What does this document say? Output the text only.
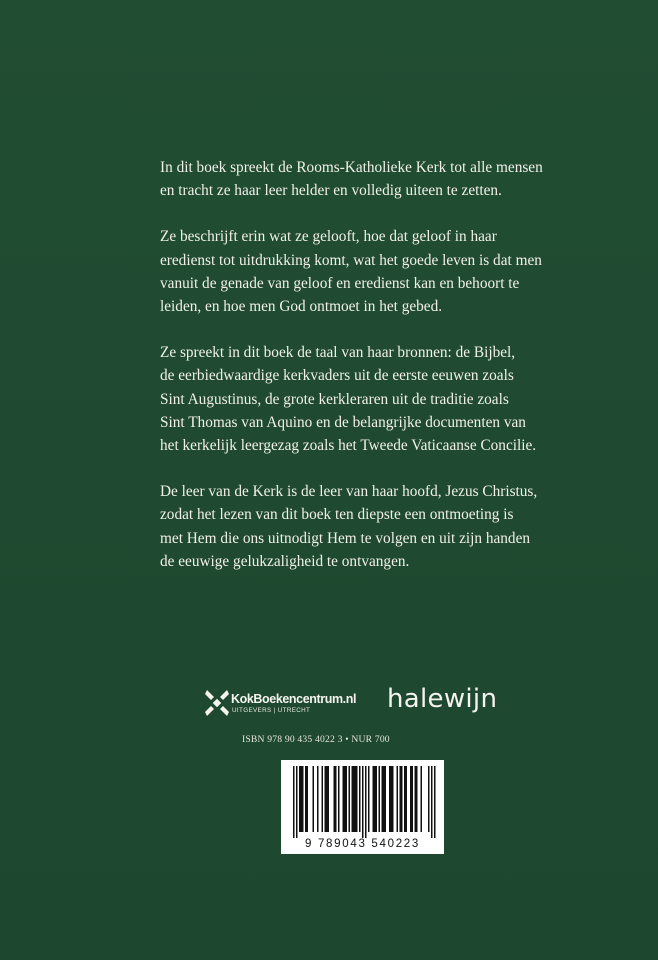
In dit boek spreekt de Rooms-Katholieke Kerk tot alle mensen
en tracht ze haar leer helder en volledig uiteen te zetten.

Ze beschrijft erin wat ze gelooft, hoe dat geloof in haar
eredienst tot uitdrukking komt, wat het goede leven is dat men
vanuit de genade van geloof en eredienst kan en behoort te
leiden, en hoe men God ontmoet in het gebed.

Ze spreekt in dit boek de taal van haar bronnen: de Bijbel,
de eerbiedwaardige kerkvaders uit de eerste eeuwen zoals
Sint Augustinus, de grote kerkleraren uit de traditie zoals
Sint Thomas van Aquino en de belangrijke documenten van
het kerkelijk leergezag zoals het Tweede Vaticaanse Concilie.

De leer van de Kerk is de leer van haar hoofd, Jezus Christus,
zodat het lezen van dit boek ten diepste een ontmoeting is
met Hem die ons uitnodigt Hem te volgen en uit zijn handen
de eeuwige gelukzaligheid te ontvangen.

KokBoekencentrum.nl
UITGEVERS | UTRECHT	halewijn
ISBN 978 90 435 4022 3 • NUR 700
9 789043 540223
